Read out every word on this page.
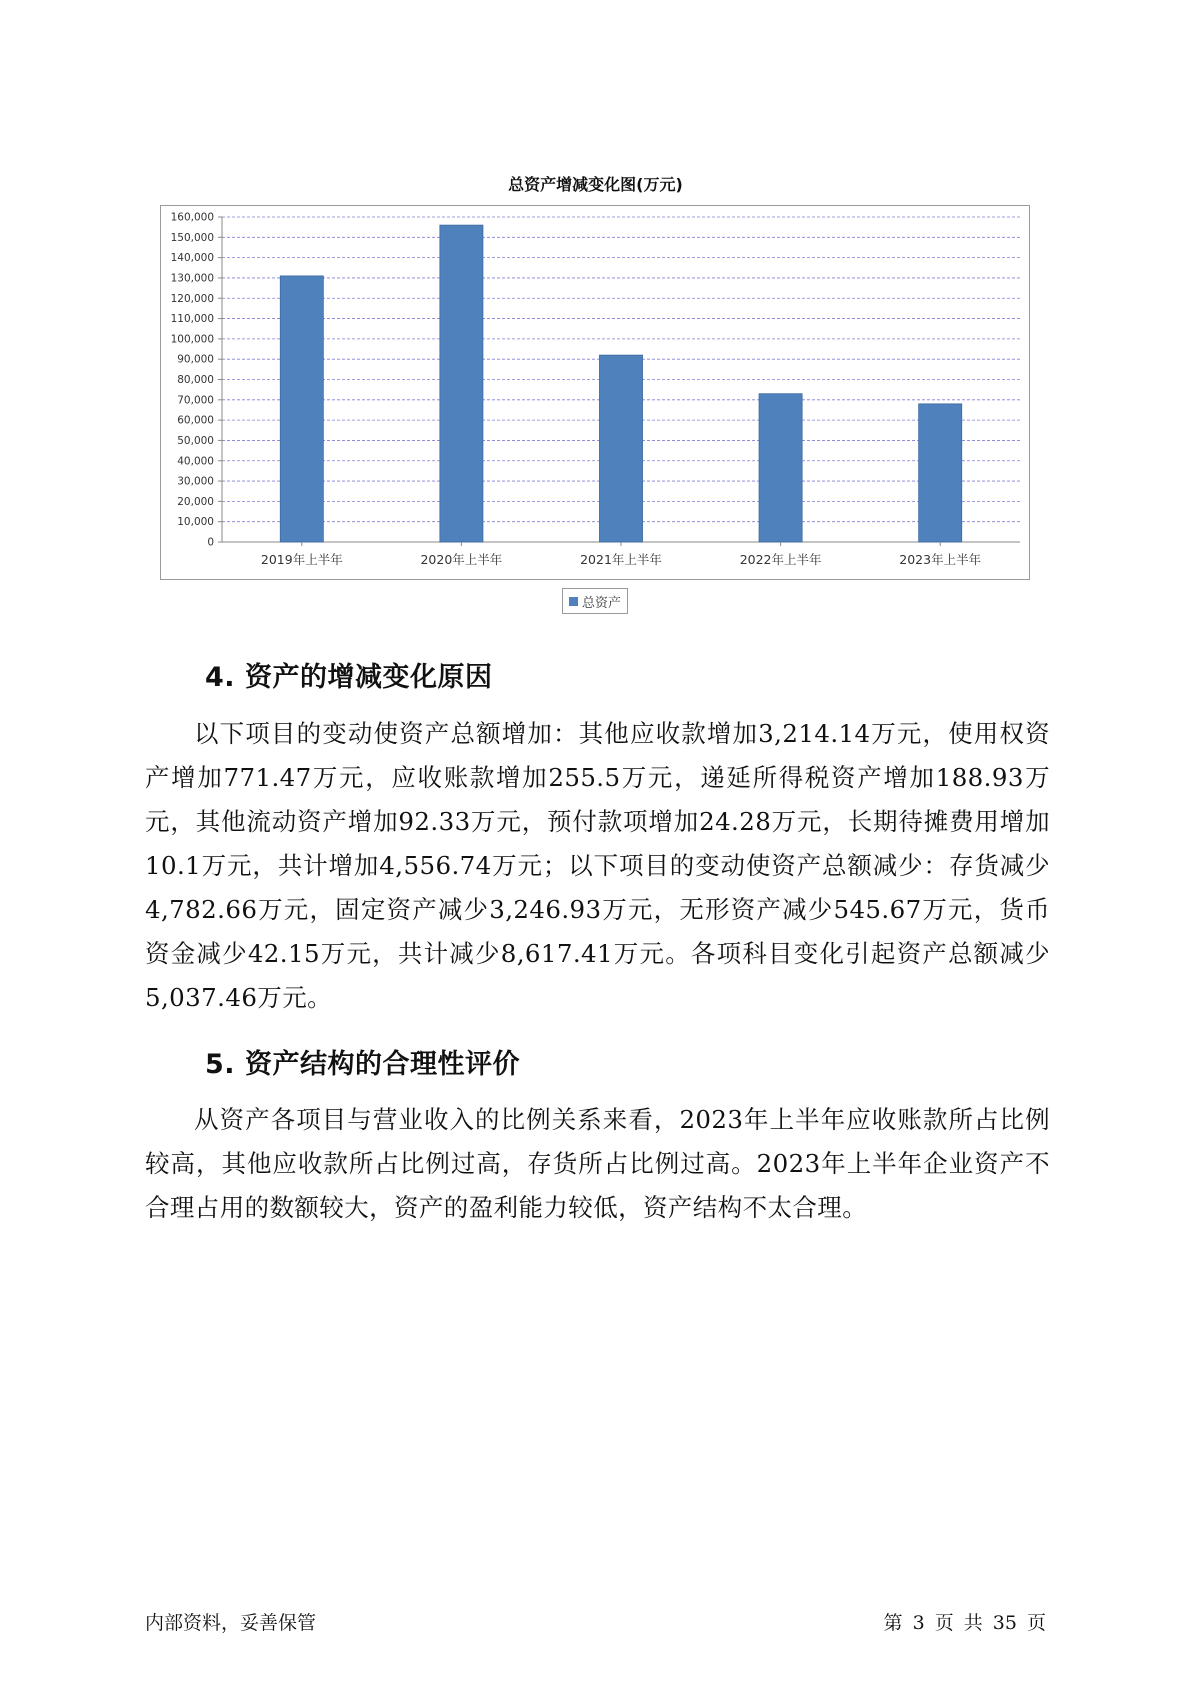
总资产增减变化图(万元)
0
10,000
20,000
30,000
40,000
50,000
60,000
70,000
80,000
90,000
100,000
110,000
120,000
130,000
140,000
150,000
160,000
2019年上半年	2020年上半年	2021年上半年	2022年上半年	2023年上半年
总资产
4. 资产的增减变化原因

以下项目的变动使资产总额增加：其他应收款增加3,214.14万元，使用权资产增加771.47万元，应收账款增加255.5万元，递延所得税资产增加188.93万元，其他流动资产增加92.33万元，预付款项增加24.28万元，长期待摊费用增加10.1万元，共计增加4,556.74万元；以下项目的变动使资产总额减少：存货减少4,782.66万元，固定资产减少3,246.93万元，无形资产减少545.67万元，货币资金减少42.15万元，共计减少8,617.41万元。各项科目变化引起资产总额减少5,037.46万元。

5. 资产结构的合理性评价

从资产各项目与营业收入的比例关系来看，2023年上半年应收账款所占比例较高，其他应收款所占比例过高，存货所占比例过高。2023年上半年企业资产不合理占用的数额较大，资产的盈利能力较低，资产结构不太合理。

内部资料，妥善保管	第 3 页 共 35 页
